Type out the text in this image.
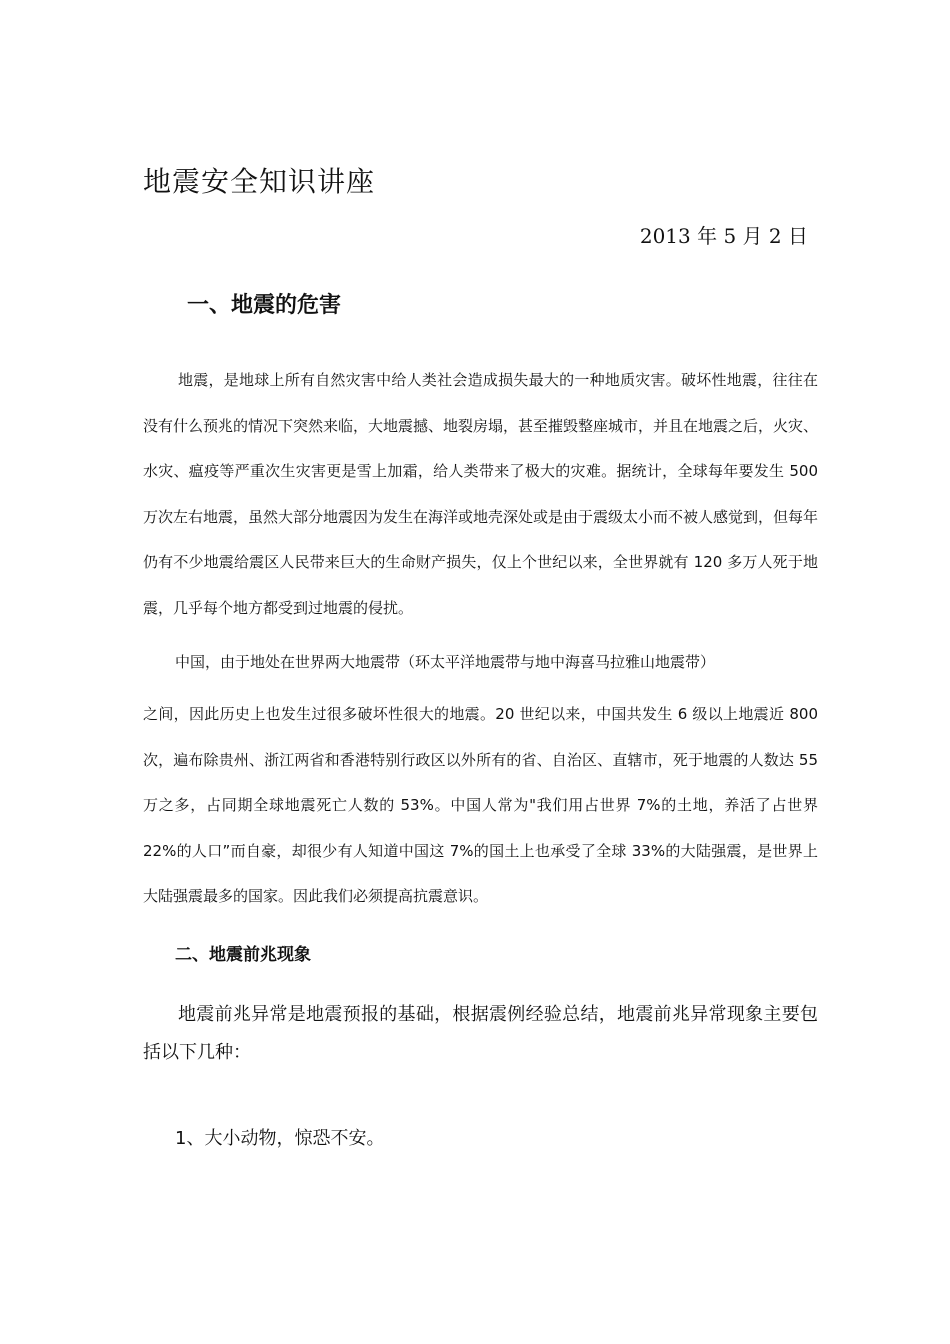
地震安全知识讲座
2013 年 5 月 2 日
一、地震的危害

地震，是地球上所有自然灾害中给人类社会造成损失最大的一种地质灾害。破坏性地震，往往在没有什么预兆的情况下突然来临，大地震撼、地裂房塌，甚至摧毁整座城市，并且在地震之后，火灾、水灾、瘟疫等严重次生灾害更是雪上加霜，给人类带来了极大的灾难。据统计，全球每年要发生 500 万次左右地震，虽然大部分地震因为发生在海洋或地壳深处或是由于震级太小而不被人感觉到，但每年仍有不少地震给震区人民带来巨大的生命财产损失，仅上个世纪以来，全世界就有 120 多万人死于地震，几乎每个地方都受到过地震的侵扰。

中国，由于地处在世界两大地震带（环太平洋地震带与地中海喜马拉雅山地震带）

之间，因此历史上也发生过很多破坏性很大的地震。20 世纪以来，中国共发生 6 级以上地震近 800 次，遍布除贵州、浙江两省和香港特别行政区以外所有的省、自治区、直辖市，死于地震的人数达 55 万之多，占同期全球地震死亡人数的 53%。中国人常为"我们用占世界 7%的土地，养活了占世界 22%的人口”而自豪，却很少有人知道中国这 7%的国土上也承受了全球 33%的大陆强震，是世界上大陆强震最多的国家。因此我们必须提高抗震意识。

二、地震前兆现象

地震前兆异常是地震预报的基础，根据震例经验总结，地震前兆异常现象主要包括以下几种：

1、大小动物，惊恐不安。
